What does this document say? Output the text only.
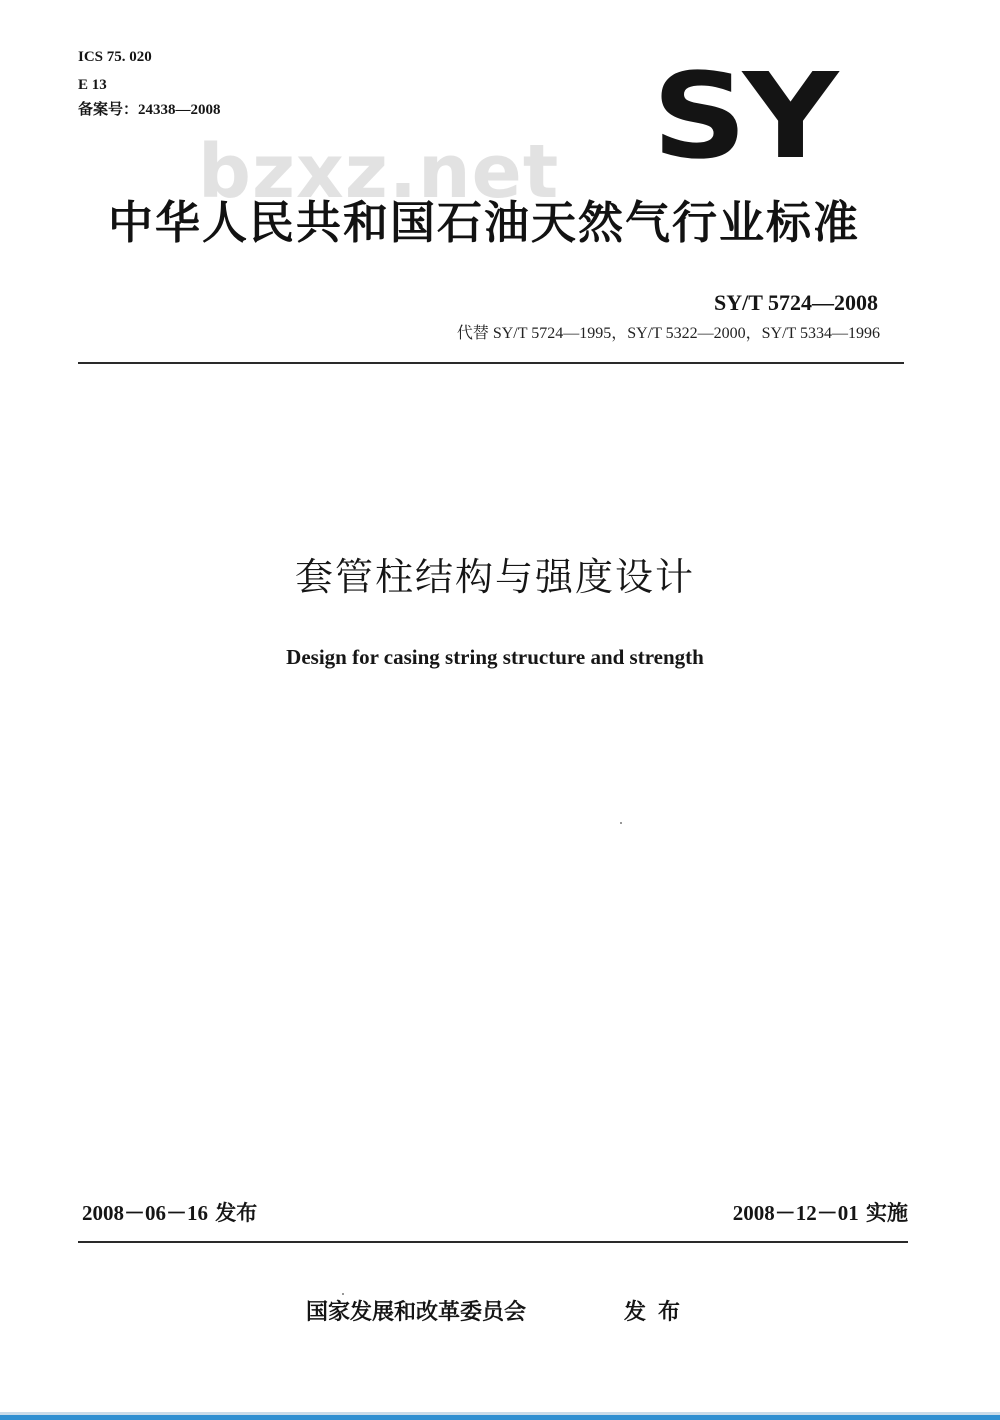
ICS 75. 020
E 13
备案号：24338—2008	SY
bzxz.net
中华人民共和国石油天然气行业标准
SY/T 5724—2008
代替 SY/T 5724—1995，SY/T 5322—2000，SY/T 5334—1996
套管柱结构与强度设计
Design for casing string structure and strength
2008－06－16 发布	2008－12－01 实施
国家发展和改革委员会	发布
